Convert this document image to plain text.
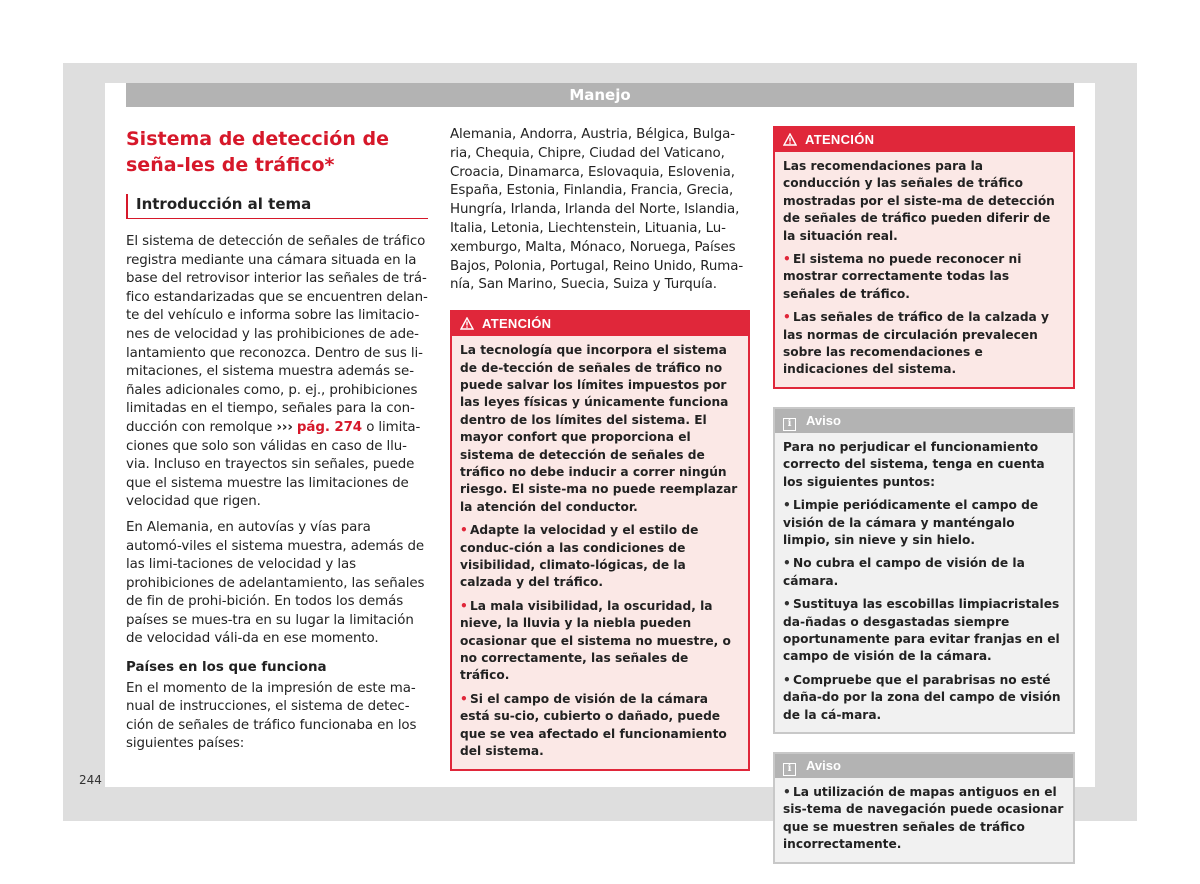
Manejo
Sistema de detección de seña-les de tráfico*
Introducción al tema

El sistema de detección de señales de tráfico registra mediante una cámara situada en la base del retrovisor interior las señales de trá-fico estandarizadas que se encuentren delan-te del vehículo e informa sobre las limitacio-nes de velocidad y las prohibiciones de ade-lantamiento que reconozca. Dentro de sus li-mitaciones, el sistema muestra además se-ñales adicionales como, p. ej., prohibiciones limitadas en el tiempo, señales para la con-ducción con remolque ››› pág. 274 o limita-ciones que solo son válidas en caso de llu-via. Incluso en trayectos sin señales, puede que el sistema muestre las limitaciones de velocidad que rigen.

En Alemania, en autovías y vías para automó-viles el sistema muestra, además de las limi-taciones de velocidad y las prohibiciones de adelantamiento, las señales de fin de prohi-bición. En todos los demás países se mues-tra en su lugar la limitación de velocidad váli-da en ese momento.

Países en los que funciona

En el momento de la impresión de este ma-nual de instrucciones, el sistema de detec-ción de señales de tráfico funcionaba en los siguientes países:

Alemania, Andorra, Austria, Bélgica, Bulga-ria, Chequia, Chipre, Ciudad del Vaticano, Croacia, Dinamarca, Eslovaquia, Eslovenia, España, Estonia, Finlandia, Francia, Grecia, Hungría, Irlanda, Irlanda del Norte, Islandia, Italia, Letonia, Liechtenstein, Lituania, Lu-xemburgo, Malta, Mónaco, Noruega, Países Bajos, Polonia, Portugal, Reino Unido, Ruma-nía, San Marino, Suecia, Suiza y Turquía.

ATENCIÓN

La tecnología que incorpora el sistema de de-tección de señales de tráfico no puede salvar los límites impuestos por las leyes físicas y únicamente funciona dentro de los límites del sistema. El mayor confort que proporciona el sistema de detección de señales de tráfico no debe inducir a correr ningún riesgo. El siste-ma no puede reemplazar la atención del conductor.

• Adapte la velocidad y el estilo de conduc-ción a las condiciones de visibilidad, climato-lógicas, de la calzada y del tráfico.

• La mala visibilidad, la oscuridad, la nieve, la lluvia y la niebla pueden ocasionar que el sistema no muestre, o no correctamente, las señales de tráfico.

• Si el campo de visión de la cámara está su-cio, cubierto o dañado, puede que se vea afectado el funcionamiento del sistema.

ATENCIÓN

Las recomendaciones para la conducción y las señales de tráfico mostradas por el siste-ma de detección de señales de tráfico pueden diferir de la situación real.

• El sistema no puede reconocer ni mostrar correctamente todas las señales de tráfico.

• Las señales de tráfico de la calzada y las normas de circulación prevalecen sobre las recomendaciones e indicaciones del sistema.

i Aviso

Para no perjudicar el funcionamiento correcto del sistema, tenga en cuenta los siguientes puntos:

• Limpie periódicamente el campo de visión de la cámara y manténgalo limpio, sin nieve y sin hielo.

• No cubra el campo de visión de la cámara.

• Sustituya las escobillas limpiacristales da-ñadas o desgastadas siempre oportunamente para evitar franjas en el campo de visión de la cámara.

• Compruebe que el parabrisas no esté daña-do por la zona del campo de visión de la cá-mara.

i Aviso

• La utilización de mapas antiguos en el sis-tema de navegación puede ocasionar que se muestren señales de tráfico incorrectamente.

244
